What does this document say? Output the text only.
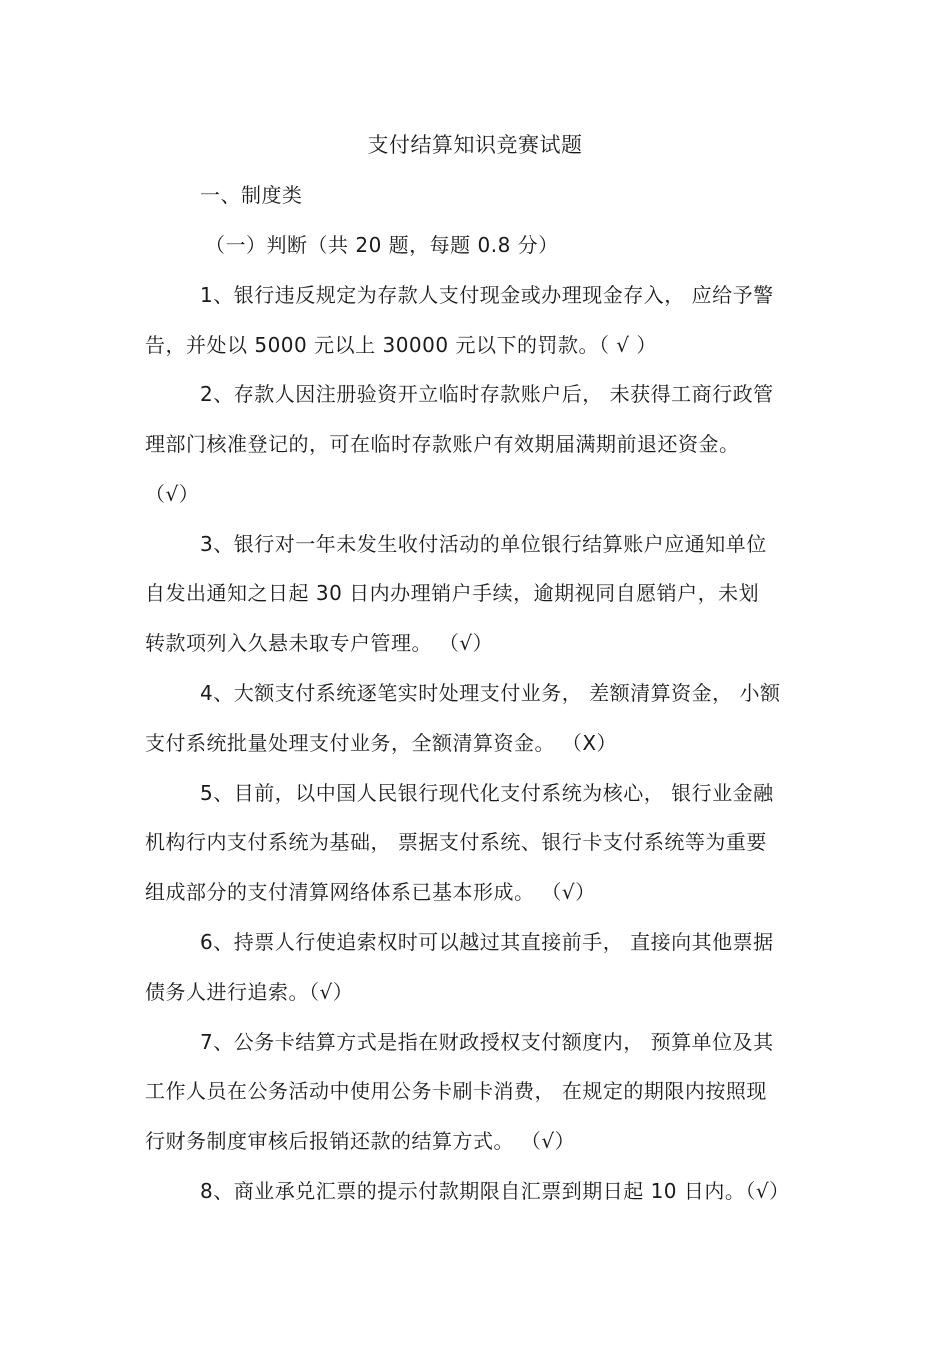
支付结算知识竞赛试题
一、制度类
（一）判断（共 20 题，每题 0.8 分）
1、银行违反规定为存款人支付现金或办理现金存入， 应给予警
告，并处以 5000 元以上 30000 元以下的罚款。（ √ ）
2、存款人因注册验资开立临时存款账户后， 未获得工商行政管
理部门核准登记的，可在临时存款账户有效期届满期前退还资金。
（√）
3、银行对一年未发生收付活动的单位银行结算账户应通知单位
自发出通知之日起 30 日内办理销户手续，逾期视同自愿销户，未划
转款项列入久悬未取专户管理。 （√）
4、大额支付系统逐笔实时处理支付业务， 差额清算资金， 小额
支付系统批量处理支付业务，全额清算资金。 （X）
5、目前，以中国人民银行现代化支付系统为核心， 银行业金融
机构行内支付系统为基础， 票据支付系统、银行卡支付系统等为重要
组成部分的支付清算网络体系已基本形成。 （√）
6、持票人行使追索权时可以越过其直接前手， 直接向其他票据
债务人进行追索。（√）
7、公务卡结算方式是指在财政授权支付额度内， 预算单位及其
工作人员在公务活动中使用公务卡刷卡消费， 在规定的期限内按照现
行财务制度审核后报销还款的结算方式。 （√）
8、商业承兑汇票的提示付款期限自汇票到期日起 10 日内。（√）
